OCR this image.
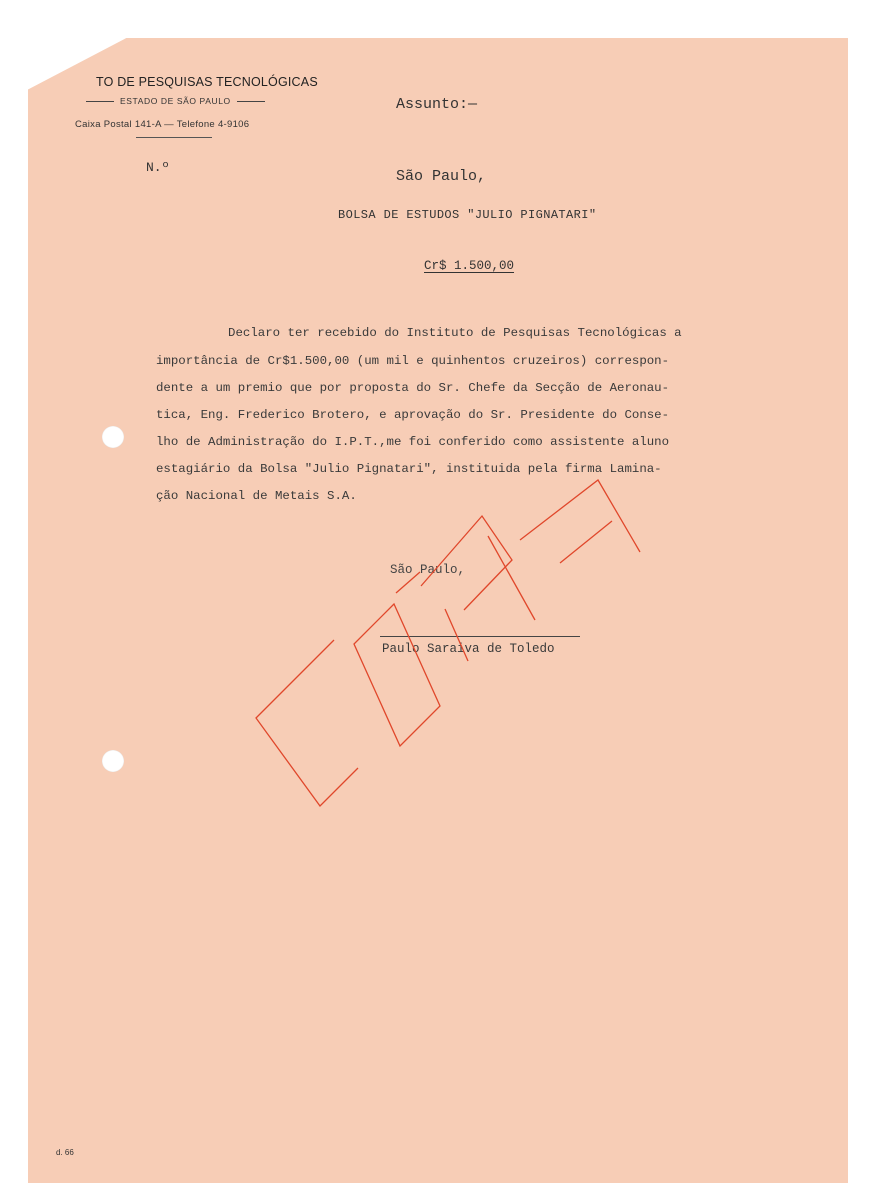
TO DE PESQUISAS TECNOLÓGICAS
ESTADO DE SÃO PAULO
Caixa Postal 141-A — Telefone 4-9106
Assunto:—
N.º
São Paulo,
BOLSA DE ESTUDOS "JULIO PIGNATARI"
Cr$ 1.500,00
Declaro ter recebido do Instituto de Pesquisas Tecnológicas a
importância de Cr$1.500,00 (um mil e quinhentos cruzeiros) correspon-
dente a um premio que por proposta do Sr. Chefe da Secção de Aeronau-
tica, Eng. Frederico Brotero, e aprovação do Sr. Presidente do Conse-
lho de Administração do I.P.T.,me foi conferido como assistente aluno
estagiário da Bolsa "Julio Pignatari", instituida pela firma Lamina-
ção Nacional de Metais S.A.
São Paulo,
Paulo Saraiva de Toledo
d. 66
